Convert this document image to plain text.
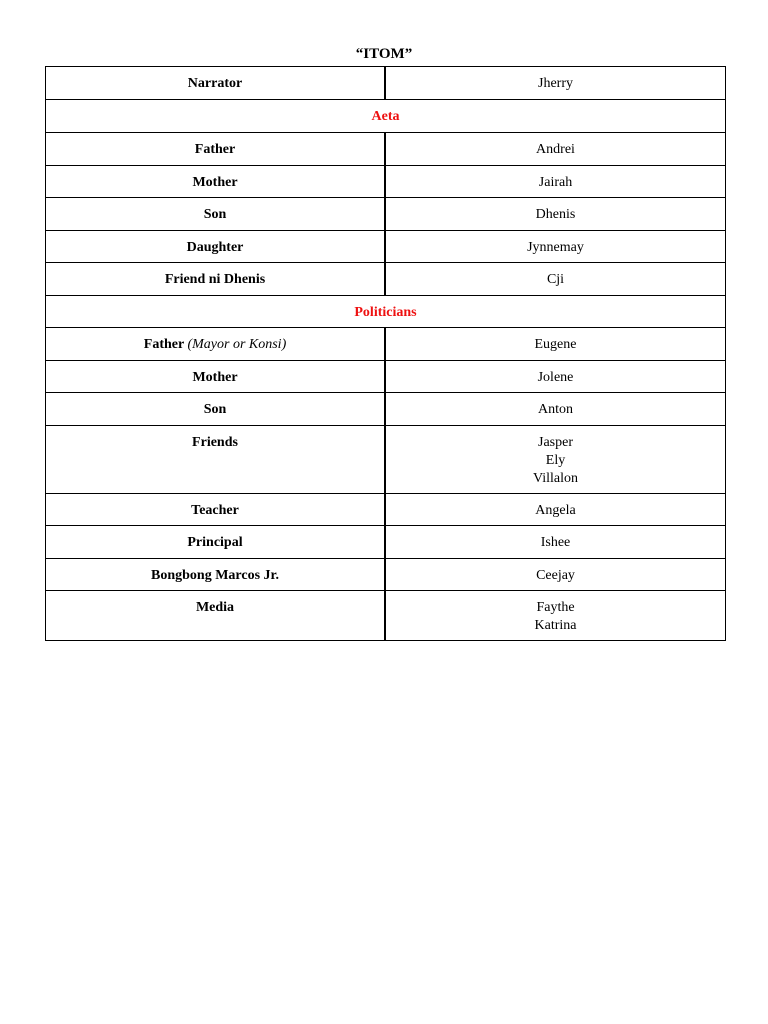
“ITOM”
Narrator	Jherry

Aeta	

Father	Andrei

Mother	Jairah

Son	Dhenis

Daughter	Jynnemay

Friend ni Dhenis	Cji

Politicians	

Father (Mayor or Konsi)	Eugene

Mother	Jolene

Son	Anton

Friends	Jasper
Ely
Villalon

Teacher	Angela

Principal	Ishee

Bongbong Marcos Jr.	Ceejay

Media	Faythe
Katrina
